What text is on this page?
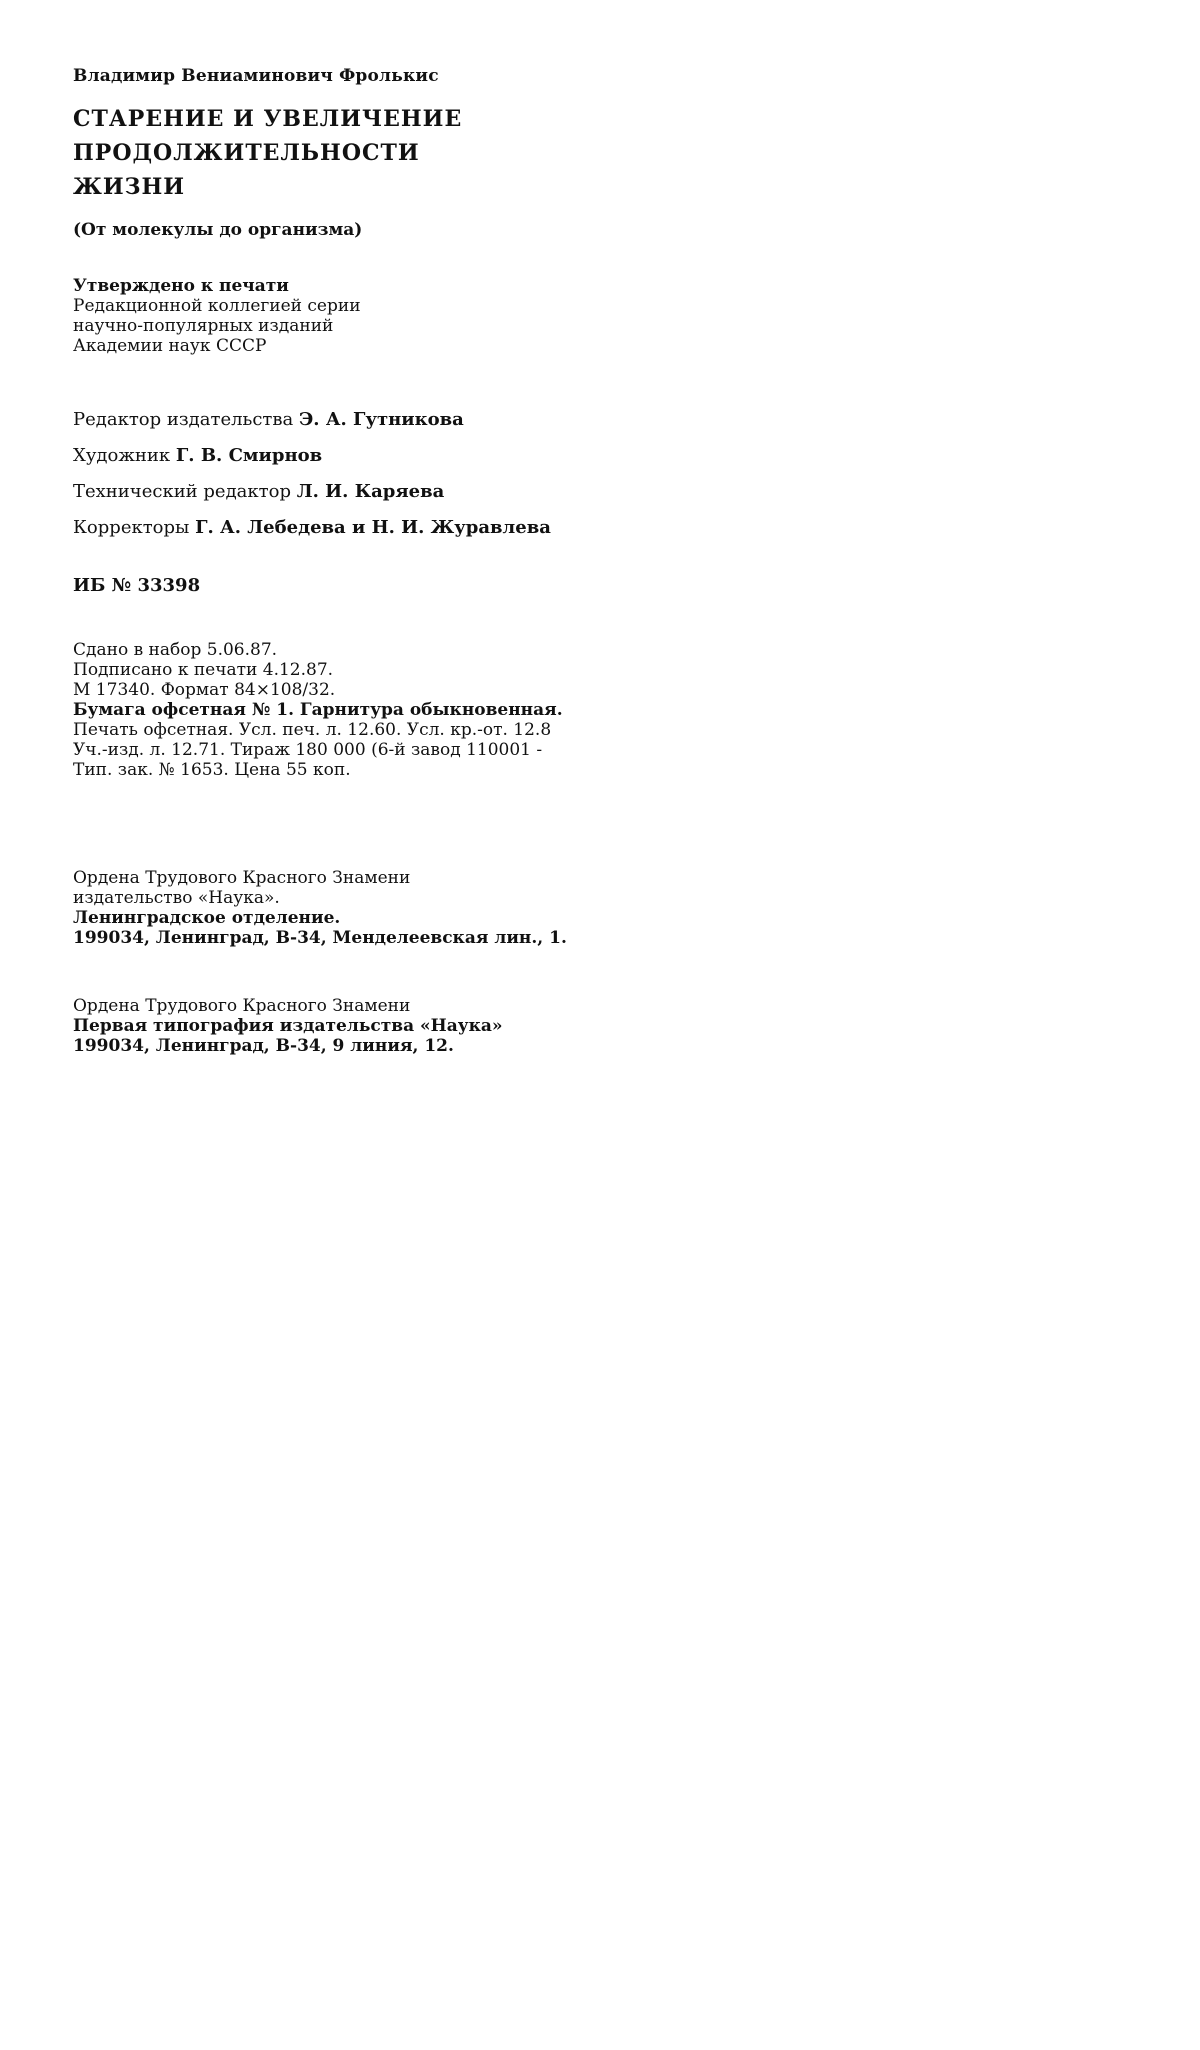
Владимир Вениаминович Фролькис
СТАРЕНИЕ И УВЕЛИЧЕНИЕ
ПРОДОЛЖИТЕЛЬНОСТИ
ЖИЗНИ
(От молекулы до организма)
Утверждено к печати
Редакционной коллегией серии
научно-популярных изданий
Академии наук СССР
Редактор издательства Э. А. Гутникова
Художник Г. В. Смирнов
Технический редактор Л. И. Каряева
Корректоры Г. А. Лебедева и Н. И. Журавлева
ИБ № 33398
Сдано в набор 5.06.87.
Подписано к печати 4.12.87.
М 17340. Формат 84×108/32.
Бумага офсетная № 1. Гарнитура обыкновенная.
Печать офсетная. Усл. печ. л. 12.60. Усл. кр.-от. 12.8
Уч.-изд. л. 12.71. Тираж 180 000 (6-й завод 110001 -
Тип. зак. № 1653. Цена 55 коп.
Ордена Трудового Красного Знамени
издательство «Наука».
Ленинградское отделение.
199034, Ленинград, В-34, Менделеевская лин., 1.
Ордена Трудового Красного Знамени
Первая типография издательства «Наука»
199034, Ленинград, В-34, 9 линия, 12.
